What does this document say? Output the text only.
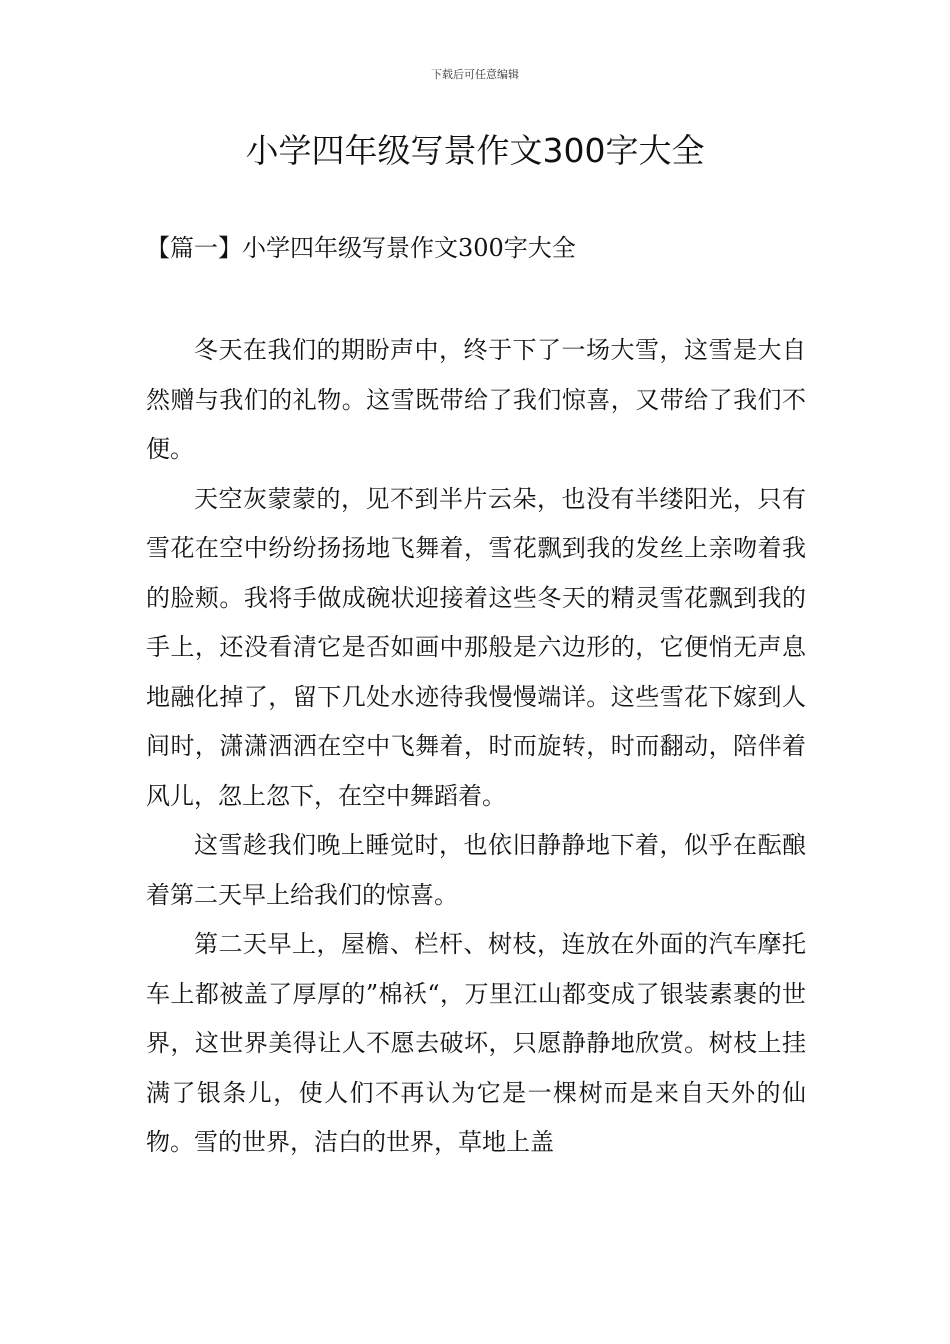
下载后可任意编辑
小学四年级写景作文300字大全
【篇一】小学四年级写景作文300字大全

冬天在我们的期盼声中，终于下了一场大雪，这雪是大自然赠与我们的礼物。这雪既带给了我们惊喜，又带给了我们不便。

天空灰蒙蒙的，见不到半片云朵，也没有半缕阳光，只有雪花在空中纷纷扬扬地飞舞着，雪花飘到我的发丝上亲吻着我的脸颊。我将手做成碗状迎接着这些冬天的精灵雪花飘到我的手上，还没看清它是否如画中那般是六边形的，它便悄无声息地融化掉了，留下几处水迹待我慢慢端详。这些雪花下嫁到人间时，潇潇洒洒在空中飞舞着，时而旋转，时而翻动，陪伴着风儿，忽上忽下，在空中舞蹈着。

这雪趁我们晚上睡觉时，也依旧静静地下着，似乎在酝酿着第二天早上给我们的惊喜。

第二天早上，屋檐、栏杆、树枝，连放在外面的汽车摩托车上都被盖了厚厚的”棉袄“，万里江山都变成了银装素裹的世界，这世界美得让人不愿去破坏，只愿静静地欣赏。树枝上挂满了银条儿，使人们不再认为它是一棵树而是来自天外的仙物。雪的世界，洁白的世界，草地上盖
